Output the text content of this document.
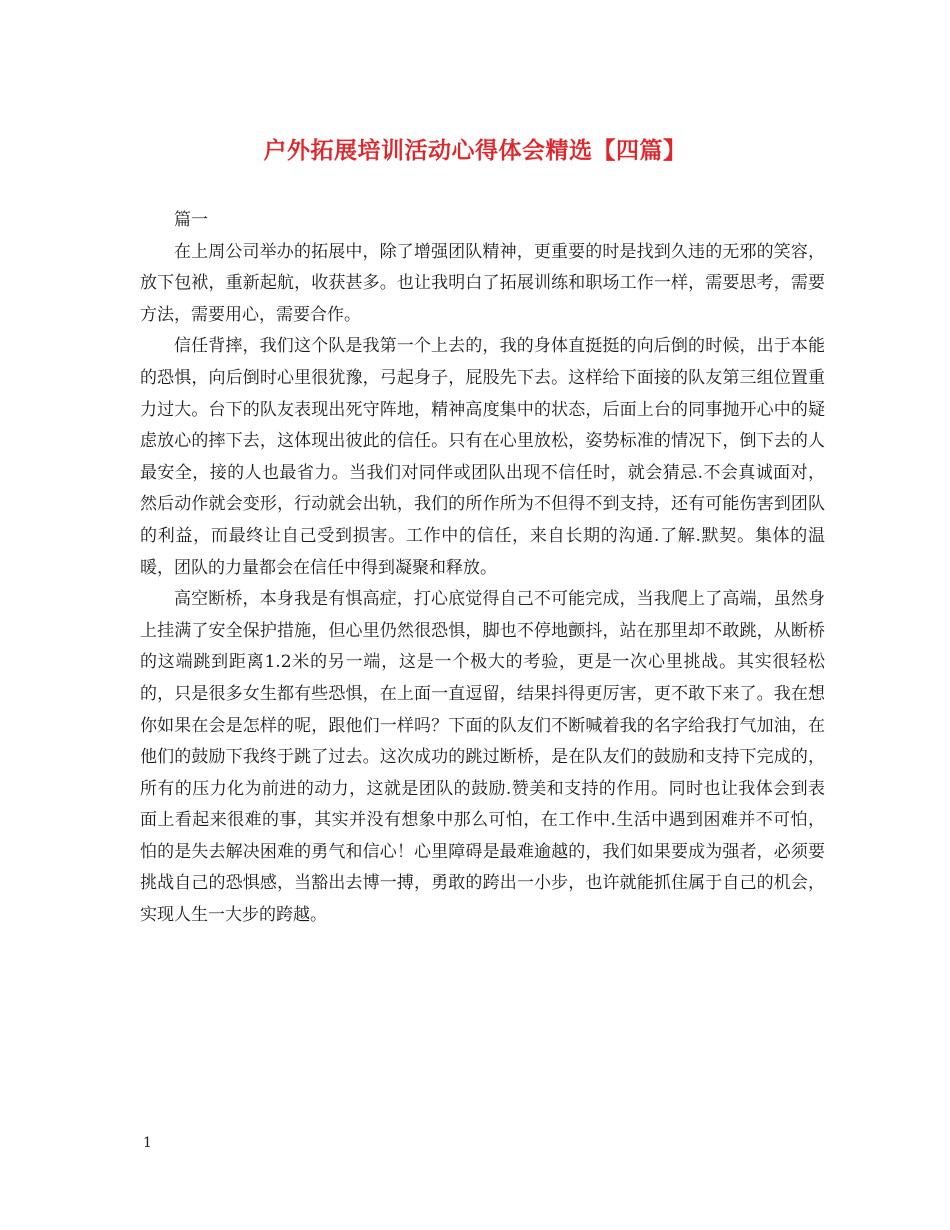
户外拓展培训活动心得体会精选【四篇】

篇一

在上周公司举办的拓展中，除了增强团队精神，更重要的时是找到久违的无邪的笑容，放下包袱，重新起航，收获甚多。也让我明白了拓展训练和职场工作一样，需要思考，需要方法，需要用心，需要合作。

信任背摔，我们这个队是我第一个上去的，我的身体直挺挺的向后倒的时候，出于本能的恐惧，向后倒时心里很犹豫，弓起身子，屁股先下去。这样给下面接的队友第三组位置重力过大。台下的队友表现出死守阵地，精神高度集中的状态，后面上台的同事抛开心中的疑虑放心的摔下去，这体现出彼此的信任。只有在心里放松，姿势标准的情况下，倒下去的人最安全，接的人也最省力。当我们对同伴或团队出现不信任时，就会猜忌.不会真诚面对，然后动作就会变形，行动就会出轨，我们的所作所为不但得不到支持，还有可能伤害到团队的利益，而最终让自己受到损害。工作中的信任，来自长期的沟通.了解.默契。集体的温暖，团队的力量都会在信任中得到凝聚和释放。

高空断桥，本身我是有惧高症，打心底觉得自己不可能完成，当我爬上了高端，虽然身上挂满了安全保护措施，但心里仍然很恐惧，脚也不停地颤抖，站在那里却不敢跳，从断桥的这端跳到距离1.2米的另一端，这是一个极大的考验，更是一次心里挑战。其实很轻松的，只是很多女生都有些恐惧，在上面一直逗留，结果抖得更厉害，更不敢下来了。我在想你如果在会是怎样的呢，跟他们一样吗？下面的队友们不断喊着我的名字给我打气加油，在他们的鼓励下我终于跳了过去。这次成功的跳过断桥，是在队友们的鼓励和支持下完成的，所有的压力化为前进的动力，这就是团队的鼓励.赞美和支持的作用。同时也让我体会到表面上看起来很难的事，其实并没有想象中那么可怕，在工作中.生活中遇到困难并不可怕，怕的是失去解决困难的勇气和信心！心里障碍是最难逾越的，我们如果要成为强者，必须要挑战自己的恐惧感，当豁出去博一搏，勇敢的跨出一小步，也许就能抓住属于自己的机会，实现人生一大步的跨越。

1
